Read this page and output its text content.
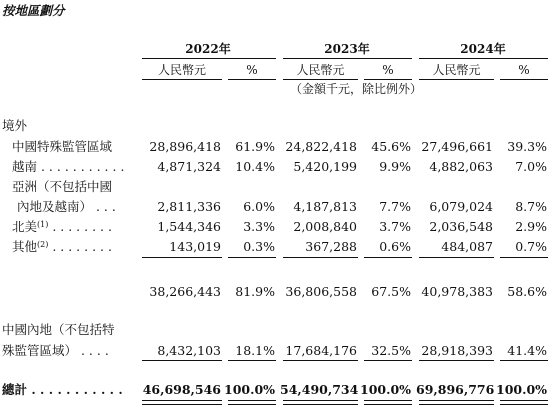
按地區劃分
2022年	2023年	2024年
人民幣元	%	人民幣元	%	人民幣元	%
（金額千元，除比例外）
境外
中國特殊監管區域	28,896,418	61.9% 24,822,418	45.6% 27,496,661	39.3%
越南 . . . . . . . . . . .	4,871,324	10.4%	5,420,199	9.9%	4,882,063	7.0%
亞洲（不包括中國
內地及越南） . . .	2,811,336	6.0%	4,187,813	7.7%	6,079,024	8.7%
北美$^{(1)}$ . . . . . . . .	1,544,346	3.3%	2,008,840	3.7%	2,036,548	2.9%
其他$^{(2)}$ . . . . . . . .	143,019	0.3%	367,288	0.6%	484,087	0.7%
38,266,443	81.9% 36,806,558	67.5% 40,978,383	58.6%
中國內地（不包括特
殊監管區域） . . . .	8,432,103	18.1% 17,684,176	32.5% 28,918,393	41.4%
總計 . . . . . . . . . . . 46,698,546 100.0% 54,490,734 100.0% 69,896,776 100.0%
